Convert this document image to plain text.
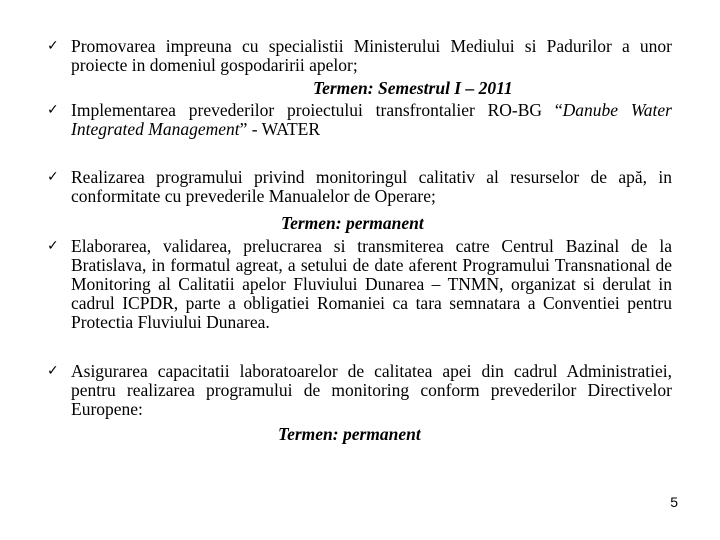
✓ Promovarea impreuna cu specialistii Ministerului Mediului si Padurilor a unor proiecte in domeniul gospodaririi apelor;
Termen: Semestrul I – 2011
✓ Implementarea prevederilor proiectului transfrontalier RO-BG “Danube Water Integrated Management” - WATER
✓ Realizarea programului privind monitoringul calitativ al resurselor de apă, in conformitate cu prevederile Manualelor de Operare;
Termen: permanent
✓ Elaborarea, validarea, prelucrarea si transmiterea catre Centrul Bazinal de la Bratislava, in formatul agreat, a setului de date aferent Programului Transnational de Monitoring al Calitatii apelor Fluviului Dunarea – TNMN, organizat si derulat in cadrul ICPDR, parte a obligatiei Romaniei ca tara semnatara a Conventiei pentru Protectia Fluviului Dunarea.
✓ Asigurarea capacitatii laboratoarelor de calitatea apei din cadrul Administratiei, pentru realizarea programului de monitoring conform prevederilor Directivelor Europene:
Termen: permanent
5
